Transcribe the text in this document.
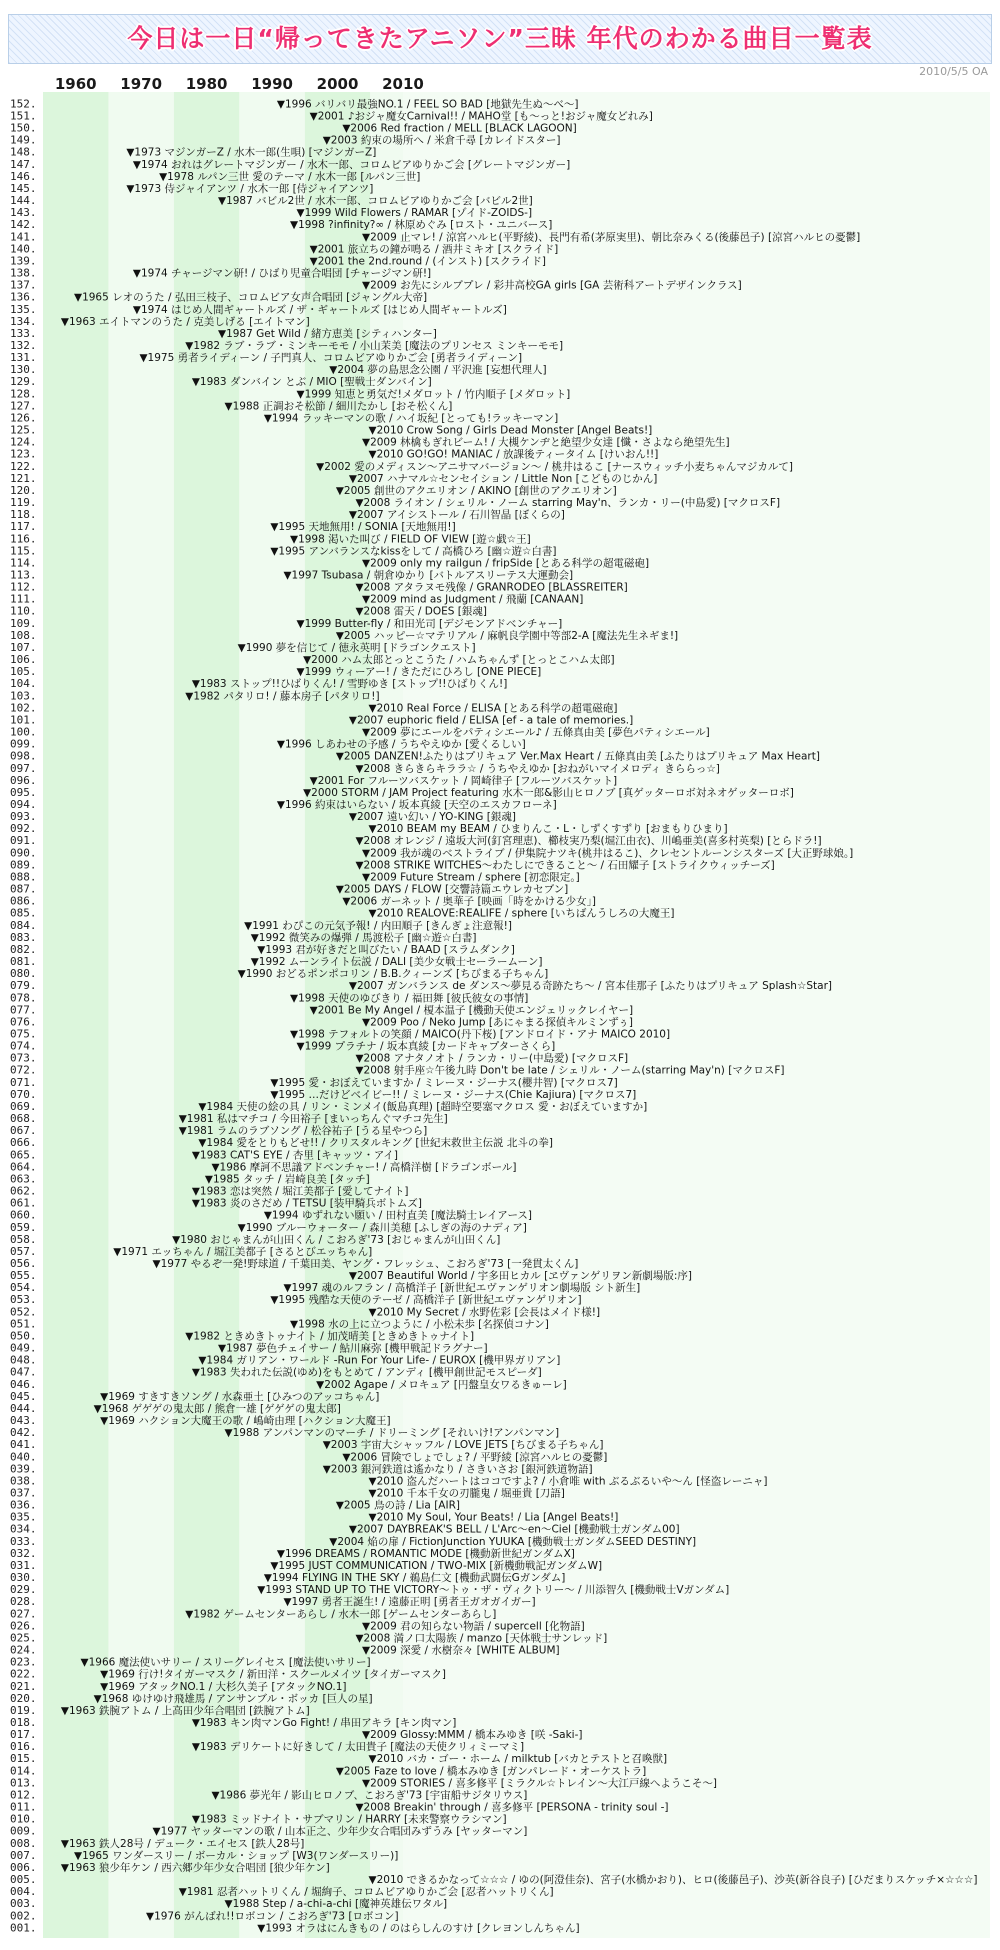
今日は一日“帰ってきたアニソン”三昧 年代のわかる曲目一覧表
2010/5/5 OA
1960 1970 1980 1990 2000 2010
152.	▼1996 バリバリ最強NO.1 / FEEL SO BAD [地獄先生ぬ～べ～]
151.	▼2001 ♪おジャ魔女Carnival!! / MAHO堂 [も～っと!おジャ魔女どれみ]
150.	▼2006 Red fraction / MELL [BLACK LAGOON]
149.	▼2003 約束の場所へ / 米倉千尋 [カレイドスター]
148.	▼1973 マジンガーZ / 水木一郎(生唄) [マジンガーZ]
147.	▼1974 おれはグレートマジンガー / 水木一郎、コロムビアゆりかご会 [グレートマジンガー]
146.	▼1978 ルパン三世 愛のテーマ / 水木一郎 [ルパン三世]
145.	▼1973 侍ジャイアンツ / 水木一郎 [侍ジャイアンツ]
144.	▼1987 バビル2世 / 水木一郎、コロムビアゆりかご会 [バビル2世]
143.	▼1999 Wild Flowers / RAMAR [ゾイド-ZOIDS-]
142.	▼1998 ?infinity?∞ / 林原めぐみ [ロスト・ユニバース]
141.	▼2009 止マレ! / 涼宮ハルヒ(平野綾)、長門有希(茅原実里)、朝比奈みくる(後藤邑子) [涼宮ハルヒの憂鬱]
140.	▼2001 旅立ちの鐘が鳴る / 酒井ミキオ [スクライド]
139.	▼2001 the 2nd.round / (インスト) [スクライド]
138.	▼1974 チャージマン研! / ひばり児童合唱団 [チャージマン研!]
137.	▼2009 お先にシルブプレ / 彩井高校GA girls [GA 芸術科アートデザインクラス]
136.	▼1965 レオのうた / 弘田三枝子、コロムビア女声合唱団 [ジャングル大帝]
135.	▼1974 はじめ人間ギャートルズ / ザ・ギャートルズ [はじめ人間ギャートルズ]
134. ▼1963 エイトマンのうた / 克美しげる [エイトマン]
133.	▼1987 Get Wild / 緒方恵美 [シティハンター]
132.	▼1982 ラブ・ラブ・ミンキーモモ / 小山茉美 [魔法のプリンセス ミンキーモモ]
131.	▼1975 勇者ライディーン / 子門真人、コロムビアゆりかご会 [勇者ライディーン]
130.	▼2004 夢の島思念公園 / 平沢進 [妄想代理人]
129.	▼1983 ダンバイン とぶ / MIO [聖戦士ダンバイン]
128.	▼1999 知恵と勇気だ!メダロット / 竹内順子 [メダロット]
127.	▼1988 正調おそ松節 / 細川たかし [おそ松くん]
126.	▼1994 ラッキーマンの歌 / ハイ坂紀 [とっても!ラッキーマン]
125.	▼2010 Crow Song / Girls Dead Monster [Angel Beats!]
124.	▼2009 林檎もぎれビーム! / 大槻ケンヂと絶望少女達 [懺・さよなら絶望先生]
123.	▼2010 GO!GO! MANIAC / 放課後ティータイム [けいおん!!]
122.	▼2002 愛のメディスン～アニサマバージョン～ / 桃井はるこ [ナースウィッチ小麦ちゃんマジカルて]
121.	▼2007 ハナマル☆センセイション / Little Non [こどものじかん]
120.	▼2005 創世のアクエリオン / AKINO [創世のアクエリオン]
119.	▼2008 ライオン / シェリル・ノーム starring May'n、ランカ・リー(中島愛) [マクロスF]
118.	▼2007 アイシストール / 石川智晶 [ぼくらの]
117.	▼1995 天地無用! / SONIA [天地無用!]
116.	▼1998 渇いた叫び / FIELD OF VIEW [遊☆戯☆王]
115.	▼1995 アンバランスなkissをして / 高橋ひろ [幽☆遊☆白書]
114.	▼2009 only my railgun / fripSide [とある科学の超電磁砲]
113.	▼1997 Tsubasa / 朝倉ゆかり [バトルアスリーテス大運動会]
112.	▼2008 アタラヌモ残像 / GRANRODEO [BLASSREITER]
111.	▼2009 mind as Judgment / 飛蘭 [CANAAN]
110.	▼2008 雷天 / DOES [銀魂]
109.	▼1999 Butter-fly / 和田光司 [デジモンアドベンチャー]
108.	▼2005 ハッピー☆マテリアル / 麻帆良学園中等部2-A [魔法先生ネギま!]
107.	▼1990 夢を信じて / 徳永英明 [ドラゴンクエスト]
106.	▼2000 ハム太郎とっとこうた / ハムちゃんず [とっとこハム太郎]
105.	▼1999 ウィーアー! / きただにひろし [ONE PIECE]
104.	▼1983 ストップ!!ひばりくん! / 雪野ゆき [ストップ!!ひばりくん!]
103.	▼1982 パタリロ! / 藤本房子 [パタリロ!]
102.	▼2010 Real Force / ELISA [とある科学の超電磁砲]
101.	▼2007 euphoric field / ELISA [ef - a tale of memories.]
100.	▼2009 夢にエールをパティシエール♪ / 五條真由美 [夢色パティシエール]
099.	▼1996 しあわせの予感 / うちやえゆか [愛くるしい]
098.	▼2005 DANZEN!ふたりはプリキュア Ver.Max Heart / 五條真由美 [ふたりはプリキュア Max Heart]
097.	▼2008 きらきらキララ☆ / うちやえゆか [おねがいマイメロディ きららっ☆]
096.	▼2001 For フルーツバスケット / 岡崎律子 [フルーツバスケット]
095.	▼2000 STORM / JAM Project featuring 水木一郎&影山ヒロノブ [真ゲッターロボ対ネオゲッターロボ]
094.	▼1996 約束はいらない / 坂本真綾 [天空のエスカフローネ]
093.	▼2007 遠い幻い / YO-KING [銀魂]
092.	▼2010 BEAM my BEAM / ひまりんこ・L・しずくすずり [おまもりひまり]
091.	▼2008 オレンジ / 遠坂大河(釘宮理恵)、櫛枝実乃梨(堀江由衣)、川嶋亜美(喜多村英梨) [とらドラ!]
090.	▼2009 我が魂のベストライブ / 伊集院ナツキ(桃井はるこ)、クレセントルーンシスターズ [大正野球娘。]
089.	▼2008 STRIKE WITCHES～わたしにできること～ / 石田耀子 [ストライクウィッチーズ]
088.	▼2009 Future Stream / sphere [初恋限定。]
087.	▼2005 DAYS / FLOW [交響詩篇エウレカセブン]
086.	▼2006 ガーネット / 奥華子 [映画「時をかける少女」]
085.	▼2010 REALOVE:REALIFE / sphere [いちばんうしろの大魔王]
084.	▼1991 わぴこの元気予報! / 内田順子 [きんぎょ注意報!]
083.	▼1992 微笑みの爆弾 / 馬渡松子 [幽☆遊☆白書]
082.	▼1993 君が好きだと叫びたい / BAAD [スラムダンク]
081.	▼1992 ムーンライト伝説 / DALI [美少女戦士セーラームーン]
080.	▼1990 おどるポンポコリン / B.B.クィーンズ [ちびまる子ちゃん]
079.	▼2007 ガンバランス de ダンス～夢見る奇跡たち～ / 宮本佳那子 [ふたりはプリキュア Splash☆Star]
078.	▼1998 天使のゆびきり / 福田舞 [彼氏彼女の事情]
077.	▼2001 Be My Angel / 榎本温子 [機動天使エンジェリックレイヤー]
076.	▼2009 Poo / Neko Jump [あにゃまる探偵キルミンずぅ]
075.	▼1998 テフォルトの笑顔 / MAICO(丹下桜) [アンドロイド・アナ MAICO 2010]
074.	▼1999 プラチナ / 坂本真綾 [カードキャプターさくら]
073.	▼2008 アナタノオト / ランカ・リー(中島愛) [マクロスF]
072.	▼2008 射手座☆午後九時 Don't be late / シェリル・ノーム(starring May'n) [マクロスF]
071.	▼1995 愛・おぼえていますか / ミレーヌ・ジーナス(櫻井智) [マクロス7]
070.	▼1995 …だけどベイビー!! / ミレーヌ・ジーナス(Chie Kajiura) [マクロス7]
069.	▼1984 天使の絵の具 / リン・ミンメイ(飯島真理) [超時空要塞マクロス 愛・おぼえていますか]
068.	▼1981 私はマチコ / 今田裕子 [まいっちんぐマチコ先生]
067.	▼1981 ラムのラブソング / 松谷祐子 [うる星やつら]
066.	▼1984 愛をとりもどせ!! / クリスタルキング [世紀末救世主伝説 北斗の拳]
065.	▼1983 CAT'S EYE / 杏里 [キャッツ・アイ]
064.	▼1986 摩訶不思議アドベンチャー! / 高橋洋樹 [ドラゴンボール]
063.	▼1985 タッチ / 岩崎良美 [タッチ]
062.	▼1983 恋は突然 / 堀江美都子 [愛してナイト]
061.	▼1983 炎のさだめ / TETSU [装甲騎兵ボトムズ]
060.	▼1994 ゆずれない願い / 田村直美 [魔法騎士レイアース]
059.	▼1990 ブルーウォーター / 森川美穂 [ふしぎの海のナディア]
058.	▼1980 おじゃまんが山田くん / こおろぎ'73 [おじゃまんが山田くん]
057.	▼1971 エッちゃん / 堀江美都子 [さるとびエッちゃん]
056.	▼1977 やるぞ一発!野球道 / 千葉田美、ヤング・フレッシュ、こおろぎ'73 [一発貫太くん]
055.	▼2007 Beautiful World / 宇多田ヒカル [ヱヴァンゲリヲン新劇場版:序]
054.	▼1997 魂のルフラン / 高橋洋子 [新世紀エヴァンゲリオン劇場版 シト新生]
053.	▼1995 残酷な天使のテーゼ / 高橋洋子 [新世紀エヴァンゲリオン]
052.	▼2010 My Secret / 水野佐彩 [会長はメイド様!]
051.	▼1998 水の上に立つように / 小松未歩 [名探偵コナン]
050.	▼1982 ときめきトゥナイト / 加茂晴美 [ときめきトゥナイト]
049.	▼1987 夢色チェイサー / 鮎川麻弥 [機甲戦記ドラグナー]
048.	▼1984 ガリアン・ワールド -Run For Your Life- / EUROX [機甲界ガリアン]
047.	▼1983 失われた伝説(ゆめ)をもとめて / アンディ [機甲創世記モスピーダ]
046.	▼2002 Agape / メロキュア [円盤皇女ワるきゅーレ]
045.	▼1969 すきすきソング / 水森亜土 [ひみつのアッコちゃん]
044.	▼1968 ゲゲゲの鬼太郎 / 熊倉一雄 [ゲゲゲの鬼太郎]
043.	▼1969 ハクション大魔王の歌 / 嶋崎由理 [ハクション大魔王]
042.	▼1988 アンパンマンのマーチ / ドリーミング [それいけ!アンパンマン]
041.	▼2003 宇宙大シャッフル / LOVE JETS [ちびまる子ちゃん]
040.	▼2006 冒険でしょでしょ? / 平野綾 [涼宮ハルヒの憂鬱]
039.	▼2003 銀河鉄道は遙かなり / さきいさお [銀河鉄道物語]
038.	▼2010 盗んだハートはココですよ? / 小倉唯 with ぶるぶるいや～ん [怪盗レーニャ]
037.	▼2010 千本千女の刃朧鬼 / 堀亜貴 [刀語]
036.	▼2005 鳥の詩 / Lia [AIR]
035.	▼2010 My Soul, Your Beats! / Lia [Angel Beats!]
034.	▼2007 DAYBREAK'S BELL / L'Arc～en～Ciel [機動戦士ガンダム00]
033.	▼2004 焔の扉 / FictionJunction YUUKA [機動戦士ガンダムSEED DESTINY]
032.	▼1996 DREAMS / ROMANTIC MODE [機動新世紀ガンダムX]
031.	▼1995 JUST COMMUNICATION / TWO-MIX [新機動戦記ガンダムW]
030.	▼1994 FLYING IN THE SKY / 鵜島仁文 [機動武闘伝Gガンダム]
029.	▼1993 STAND UP TO THE VICTORY～トゥ・ザ・ヴィクトリー～ / 川添智久 [機動戦士Vガンダム]
028.	▼1997 勇者王誕生! / 遠藤正明 [勇者王ガオガイガー]
027.	▼1982 ゲームセンターあらし / 水木一郎 [ゲームセンターあらし]
026.	▼2009 君の知らない物語 / supercell [化物語]
025.	▼2008 満ノ口太陽族 / manzo [天体戦士サンレッド]
024.	▼2009 深愛 / 水樹奈々 [WHITE ALBUM]
023.	▼1966 魔法使いサリー / スリーグレイセス [魔法使いサリー]
022.	▼1969 行け!タイガーマスク / 新田洋・スクールメイツ [タイガーマスク]
021.	▼1969 アタックNO.1 / 大杉久美子 [アタックNO.1]
020.	▼1968 ゆけゆけ飛雄馬 / アンサンブル・ボッカ [巨人の星]
019. ▼1963 鉄腕アトム / 上高田少年合唱団 [鉄腕アトム]
018.	▼1983 キン肉マンGo Fight! / 串田アキラ [キン肉マン]
017.	▼2009 Glossy:MMM / 橋本みゆき [咲 -Saki-]
016.	▼1983 デリケートに好きして / 太田貴子 [魔法の天使クリィミーマミ]
015.	▼2010 バカ・ゴー・ホーム / milktub [バカとテストと召喚獣]
014.	▼2005 Faze to love / 橋本みゆき [ガンパレード・オーケストラ]
013.	▼2009 STORIES / 喜多修平 [ミラクル☆トレイン～大江戸線へようこそ～]
012.	▼1986 夢光年 / 影山ヒロノブ、こおろぎ'73 [宇宙船サジタリウス]
011.	▼2008 Breakin' through / 喜多修平 [PERSONA - trinity soul -]
010.	▼1983 ミッドナイト・サブマリン / HARRY [未来警察ウラシマン]
009.	▼1977 ヤッターマンの歌 / 山本正之、少年少女合唱団みずうみ [ヤッターマン]
008. ▼1963 鉄人28号 / デューク・エイセス [鉄人28号]
007.	▼1965 ワンダースリー / ボーカル・ショップ [W3(ワンダースリー)]
006. ▼1963 狼少年ケン / 西六郷少年少女合唱団 [狼少年ケン]
005.	▼2010 できるかなって☆☆☆ / ゆの(阿澄佳奈)、宮子(水橋かおり)、ヒロ(後藤邑子)、沙英(新谷良子) [ひだまりスケッチ×☆☆☆]
004.	▼1981 忍者ハットリくん / 堀絢子、コロムビアゆりかご会 [忍者ハットリくん]
003.	▼1988 Step / a-chi-a-chi [魔神英雄伝ワタル]
002.	▼1976 がんばれ!!ロボコン / こおろぎ'73 [ロボコン]
001.	▼1993 オラはにんきもの / のはらしんのすけ [クレヨンしんちゃん]
